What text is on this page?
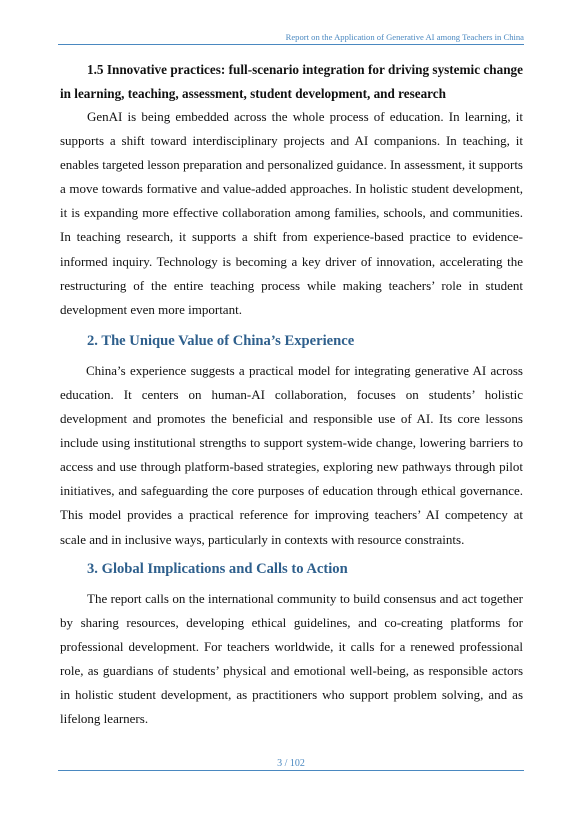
Report on the Application of Generative AI among Teachers in China

1.5 Innovative practices: full-scenario integration for driving systemic change in learning, teaching, assessment, student development, and research

GenAI is being embedded across the whole process of education. In learning, it supports a shift toward interdisciplinary projects and AI companions. In teaching, it enables targeted lesson preparation and personalized guidance. In assessment, it supports a move towards formative and value-added approaches. In holistic student development, it is expanding more effective collaboration among families, schools, and communities. In teaching research, it supports a shift from experience-based practice to evidence-informed inquiry. Technology is becoming a key driver of innovation, accelerating the restructuring of the entire teaching process while making teachers’ role in student development even more important.

2. The Unique Value of China’s Experience

China’s experience suggests a practical model for integrating generative AI across education. It centers on human-AI collaboration, focuses on students’ holistic development and promotes the beneficial and responsible use of AI. Its core lessons include using institutional strengths to support system-wide change, lowering barriers to access and use through platform-based strategies, exploring new pathways through pilot initiatives, and safeguarding the core purposes of education through ethical governance. This model provides a practical reference for improving teachers’ AI competency at scale and in inclusive ways, particularly in contexts with resource constraints.

3. Global Implications and Calls to Action

The report calls on the international community to build consensus and act together by sharing resources, developing ethical guidelines, and co-creating platforms for professional development. For teachers worldwide, it calls for a renewed professional role, as guardians of students’ physical and emotional well-being, as responsible actors in holistic student development, as practitioners who support problem solving, and as lifelong learners.

3 / 102
